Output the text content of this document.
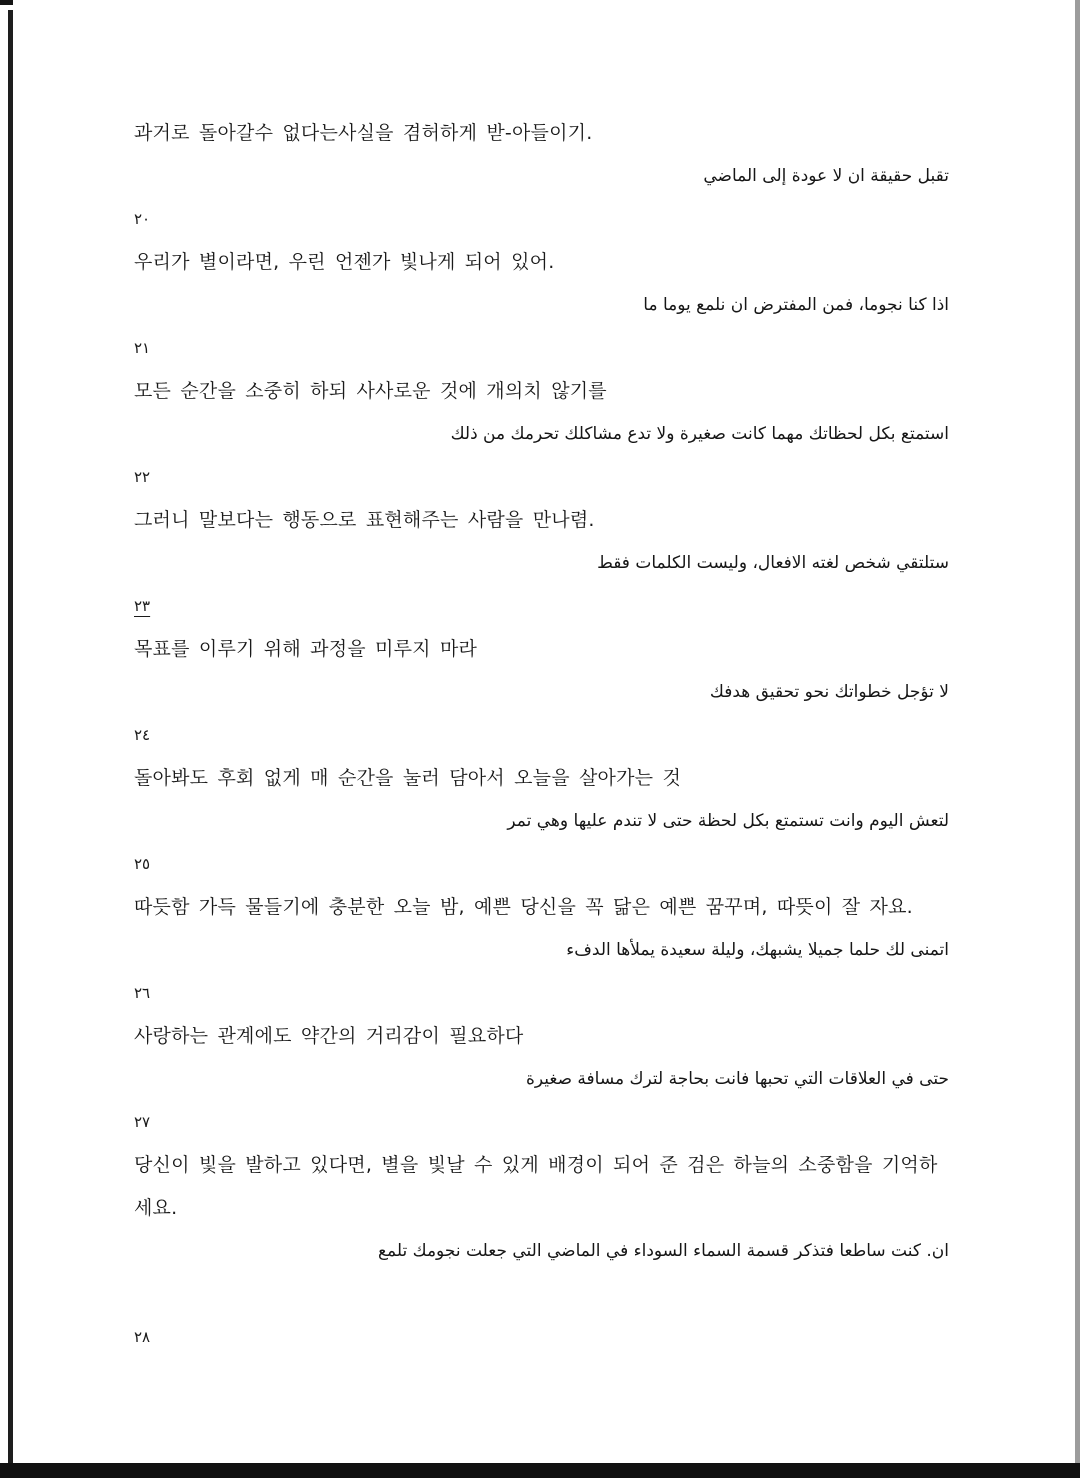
과거로 돌아갈수 없다는사실을 겸허하게 받-아들이기.

تقبل حقيقة ان لا عودة إلى الماضي

٢٠

우리가 별이라면, 우린 언젠가 빛나게 되어 있어.

اذا كنا نجوما، فمن المفترض ان نلمع يوما ما

٢١

모든 순간을 소중히 하되 사사로운 것에 개의치 않기를

استمتع بكل لحظاتك مهما كانت صغيرة ولا تدع مشاكلك تحرمك من ذلك

٢٢

그러니 말보다는 행동으로 표현해주는 사람을 만나렴.

ستلتقي شخص لغته الافعال، وليست الكلمات فقط

٢٣

목표를 이루기 위해 과정을 미루지 마라

لا تؤجل خطواتك نحو تحقيق هدفك

٢٤

돌아봐도 후회 없게 매 순간을 눌러 담아서 오늘을 살아가는 것

لتعش اليوم وانت تستمتع بكل لحظة حتى لا تندم عليها وهي تمر

٢٥

따듯함 가득 물들기에 충분한 오늘 밤, 예쁜 당신을 꼭 닮은 예쁜 꿈꾸며, 따뜻이 잘 자요.

اتمنى لك حلما جميلا يشبهك، وليلة سعيدة يملأها الدفء

٢٦

사랑하는 관계에도 약간의 거리감이 필요하다

حتى في العلاقات التي تحبها فانت بحاجة لترك مسافة صغيرة

٢٧

당신이 빛을 발하고 있다면, 별을 빛날 수 있게 배경이 되어 준 검은 하늘의 소중함을 기억하세요.

ان. كنت ساطعا فتذكر قسمة السماء السوداء في الماضي التي جعلت نجومك تلمع

٢٨
